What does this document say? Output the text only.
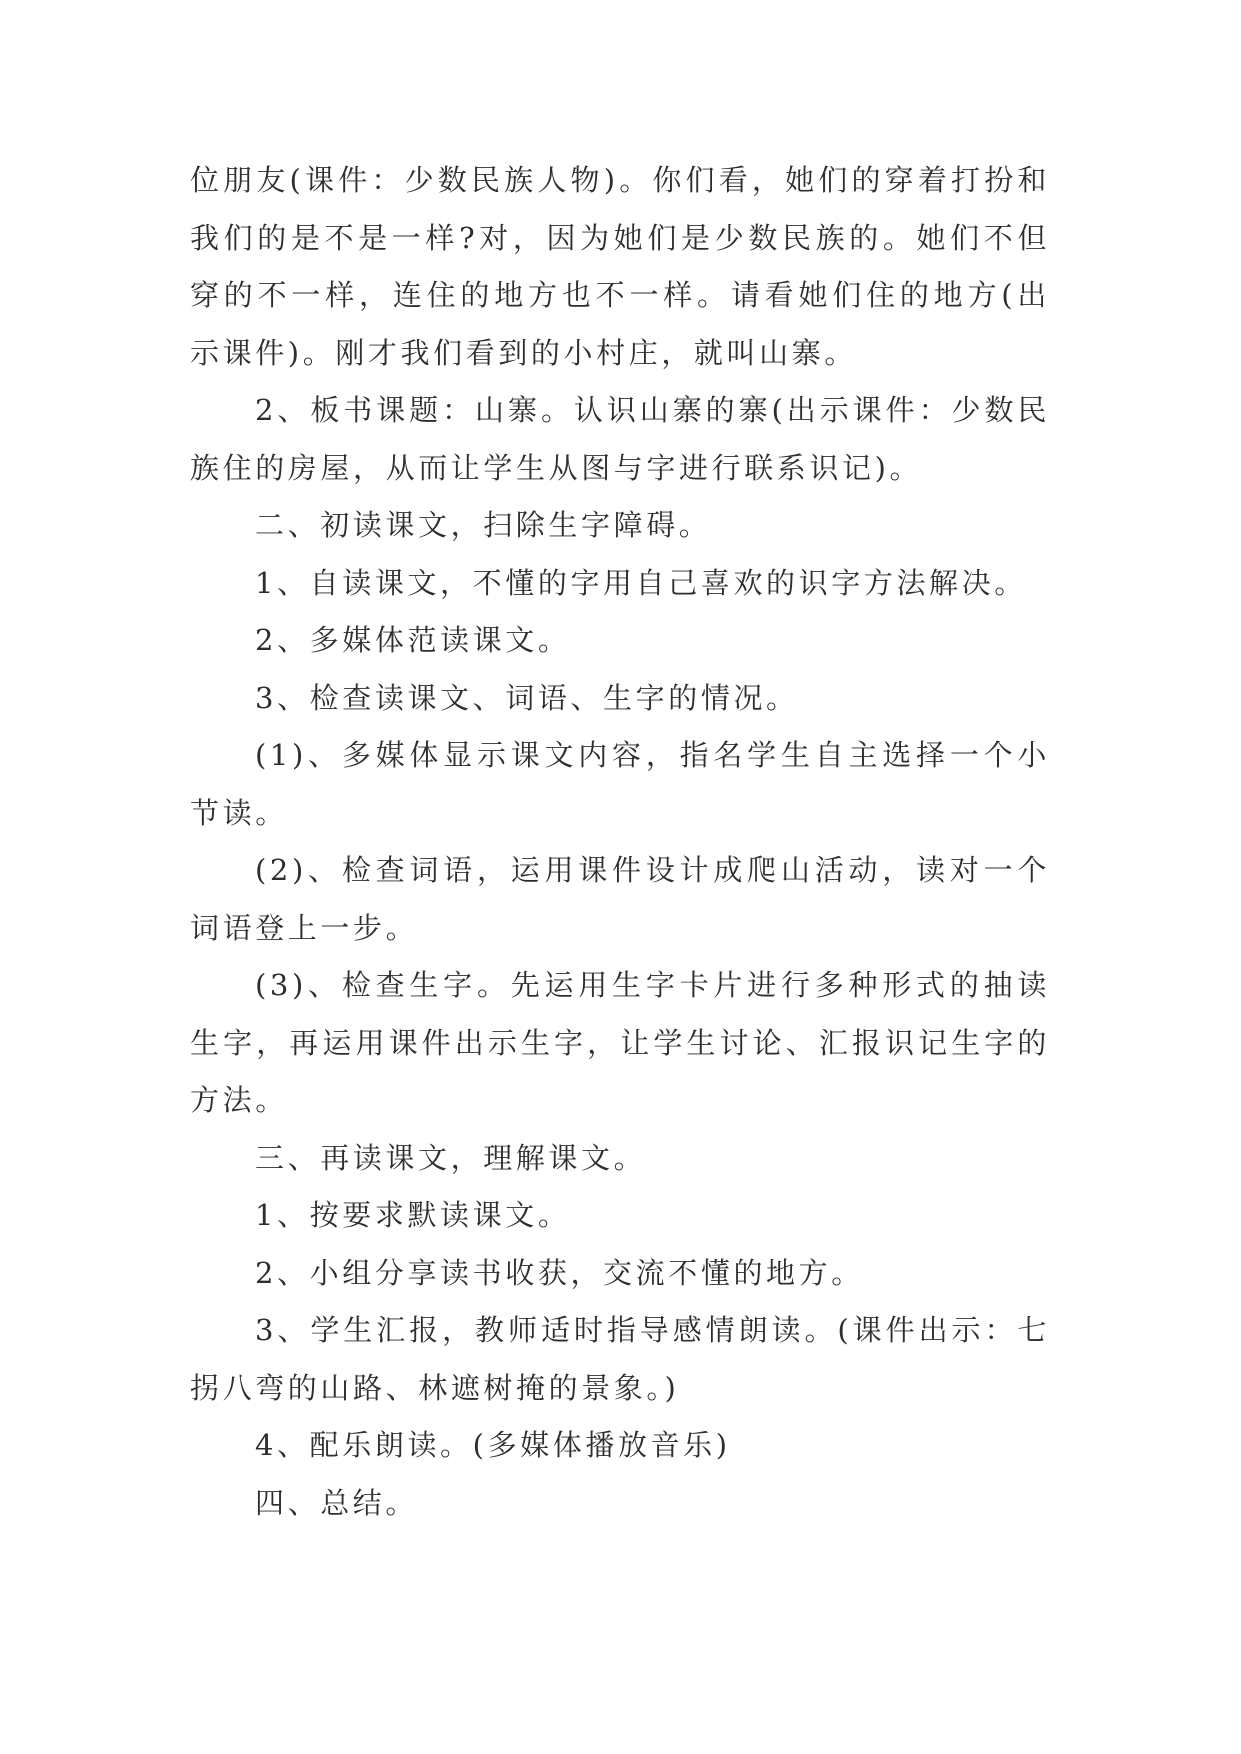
位朋友(课件：少数民族人物)。你们看，她们的穿着打扮和我们的是不是一样?对，因为她们是少数民族的。她们不但穿的不一样，连住的地方也不一样。请看她们住的地方(出示课件)。刚才我们看到的小村庄，就叫山寨。

2、板书课题：山寨。认识山寨的寨(出示课件：少数民族住的房屋，从而让学生从图与字进行联系识记)。

二、初读课文，扫除生字障碍。

1、自读课文，不懂的字用自己喜欢的识字方法解决。

2、多媒体范读课文。

3、检查读课文、词语、生字的情况。

(1)、多媒体显示课文内容，指名学生自主选择一个小节读。

(2)、检查词语，运用课件设计成爬山活动，读对一个词语登上一步。

(3)、检查生字。先运用生字卡片进行多种形式的抽读生字，再运用课件出示生字，让学生讨论、汇报识记生字的方法。

三、再读课文，理解课文。

1、按要求默读课文。

2、小组分享读书收获，交流不懂的地方。

3、学生汇报，教师适时指导感情朗读。(课件出示：七拐八弯的山路、林遮树掩的景象。)

4、配乐朗读。(多媒体播放音乐)

四、总结。
